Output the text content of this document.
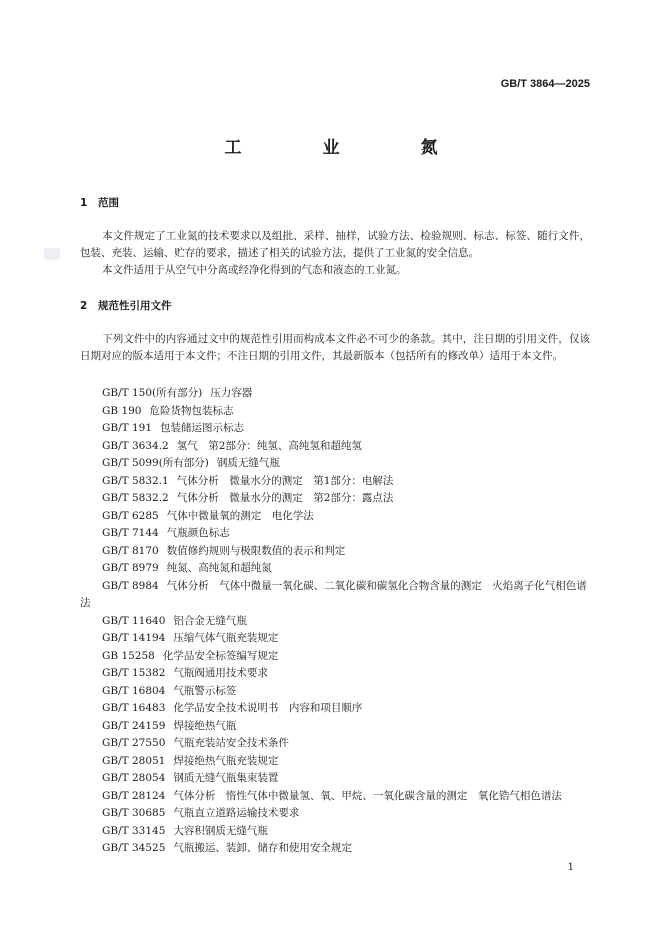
GB/T 3864—2025
工　业　氮
1 范围
本文件规定了工业氮的技术要求以及组批、采样、抽样，试验方法、检验规则、标志、标签、随行文件，包装、充装、运输、贮存的要求，描述了相关的试验方法，提供了工业氮的安全信息。
本文件适用于从空气中分离或经净化得到的气态和液态的工业氮。
2 规范性引用文件
下列文件中的内容通过文中的规范性引用而构成本文件必不可少的条款。其中，注日期的引用文件，仅该日期对应的版本适用于本文件；不注日期的引用文件，其最新版本（包括所有的修改单）适用于本文件。
GB/T 150(所有部分) 压力容器
GB 190 危险货物包装标志
GB/T 191 包装储运图示标志
GB/T 3634.2 氢气　第2部分：纯氢、高纯氢和超纯氢
GB/T 5099(所有部分) 钢质无缝气瓶
GB/T 5832.1 气体分析　微量水分的测定　第1部分：电解法
GB/T 5832.2 气体分析　微量水分的测定　第2部分：露点法
GB/T 6285 气体中微量氧的测定　电化学法
GB/T 7144 气瓶颜色标志
GB/T 8170 数值修约规则与极限数值的表示和判定
GB/T 8979 纯氮、高纯氮和超纯氮
GB/T 8984 气体分析　气体中微量一氧化碳、二氧化碳和碳氢化合物含量的测定　火焰离子化气相色谱法
GB/T 11640 铝合金无缝气瓶
GB/T 14194 压缩气体气瓶充装规定
GB 15258 化学品安全标签编写规定
GB/T 15382 气瓶阀通用技术要求
GB/T 16804 气瓶警示标签
GB/T 16483 化学品安全技术说明书　内容和项目顺序
GB/T 24159 焊接绝热气瓶
GB/T 27550 气瓶充装站安全技术条件
GB/T 28051 焊接绝热气瓶充装规定
GB/T 28054 钢质无缝气瓶集束装置
GB/T 28124 气体分析　惰性气体中微量氢、氧、甲烷、一氧化碳含量的测定　氧化锆气相色谱法
GB/T 30685 气瓶直立道路运输技术要求
GB/T 33145 大容积钢质无缝气瓶
GB/T 34525 气瓶搬运、装卸、储存和使用安全规定
1
